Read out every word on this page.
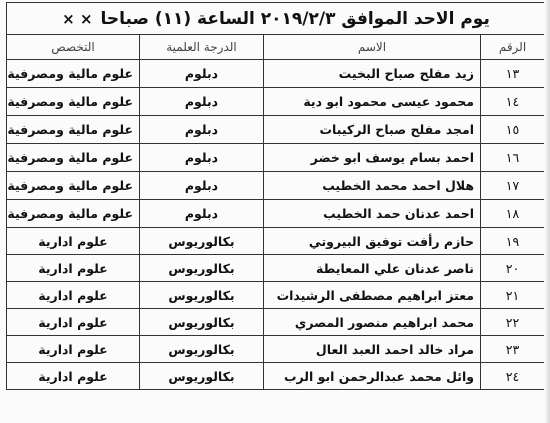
يوم الاحد الموافق ٢٠١٩/٢/٣ الساعة (١١) صباحا
× ×
الرقم	الاسم	الدرجة العلمية	التخصص
١٣	زيد مفلح صباح البخيت	دبلوم	علوم مالية ومصرفية
١٤	محمود عيسى محمود ابو دية	دبلوم	علوم مالية ومصرفية
١٥	امجد مفلح صباح الركيبات	دبلوم	علوم مالية ومصرفية
١٦	احمد بسام يوسف ابو خضر	دبلوم	علوم مالية ومصرفية
١٧	هلال احمد محمد الخطيب	دبلوم	علوم مالية ومصرفية
١٨	احمد عدنان حمد الخطيب	دبلوم	علوم مالية ومصرفية
١٩	حازم رأفت توفيق البيروتي	بكالوريوس	علوم ادارية
٢٠	ناصر عدنان علي المعايطة	بكالوريوس	علوم ادارية
٢١	معتز ابراهيم مصطفى الرشيدات	بكالوريوس	علوم ادارية
٢٢	محمد ابراهيم منصور المصري	بكالوريوس	علوم ادارية
٢٣	مراد خالد احمد العبد العال	بكالوريوس	علوم ادارية
٢٤	وائل محمد عبدالرحمن ابو الرب	بكالوريوس	علوم ادارية
